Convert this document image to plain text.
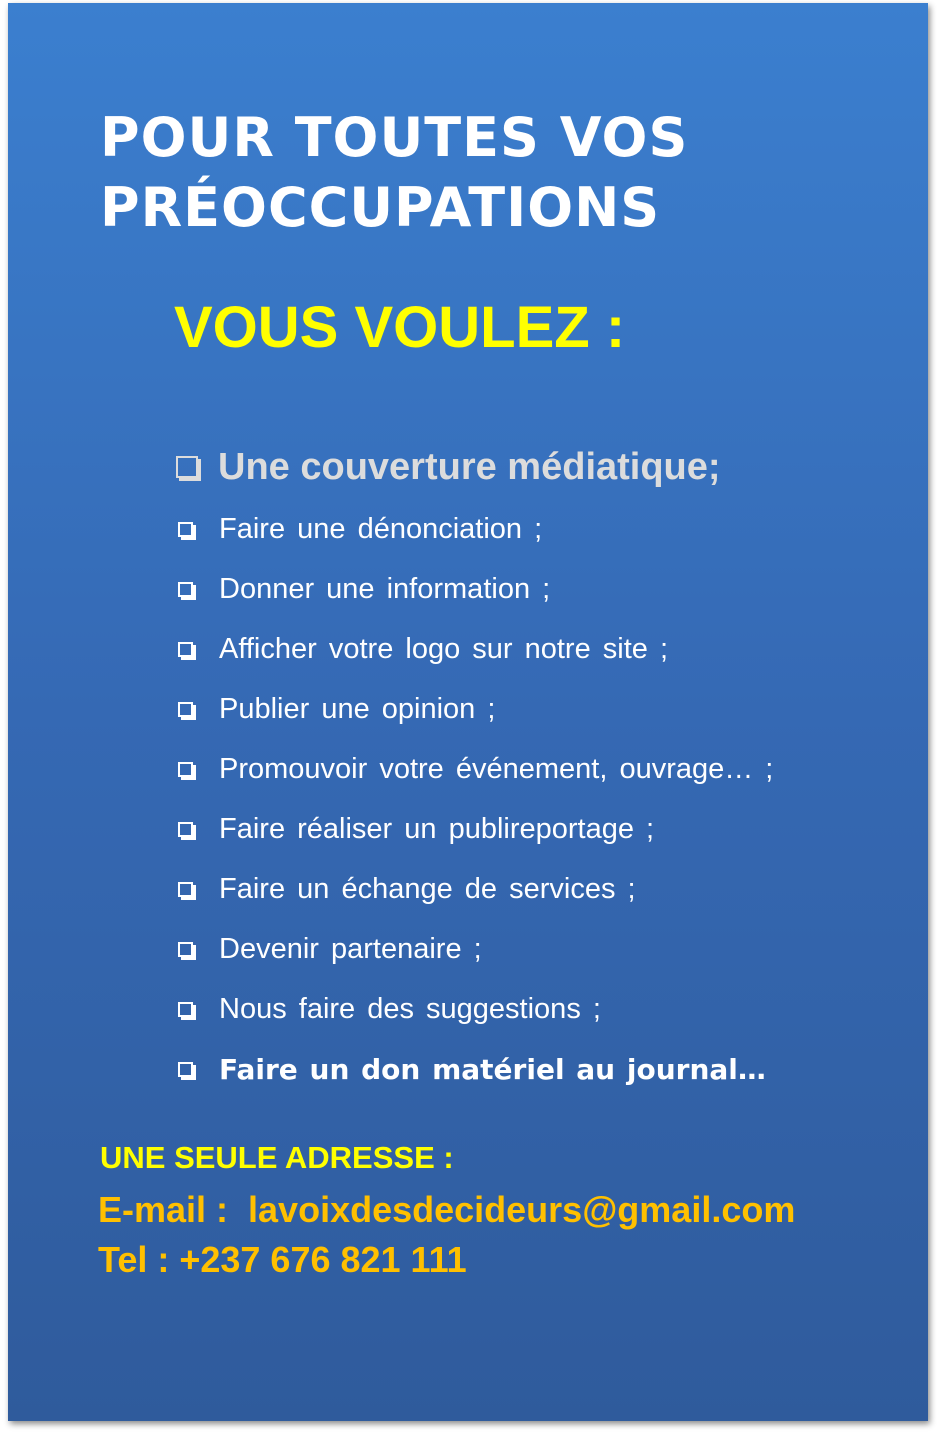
POUR TOUTES VOS
PRÉOCCUPATIONS
VOUS VOULEZ :
Une couverture médiatique;
Faire une dénonciation ;
Donner une information ;
Afficher votre logo sur notre site ;
Publier une opinion ;
Promouvoir votre événement, ouvrage… ;
Faire réaliser un publireportage ;
Faire un échange de services ;
Devenir partenaire ;
Nous faire des suggestions ;
Faire un don matériel au journal…
UNE SEULE ADRESSE :
E-mail :  lavoixdesdecideurs@gmail.com
Tel : +237 676 821 111
